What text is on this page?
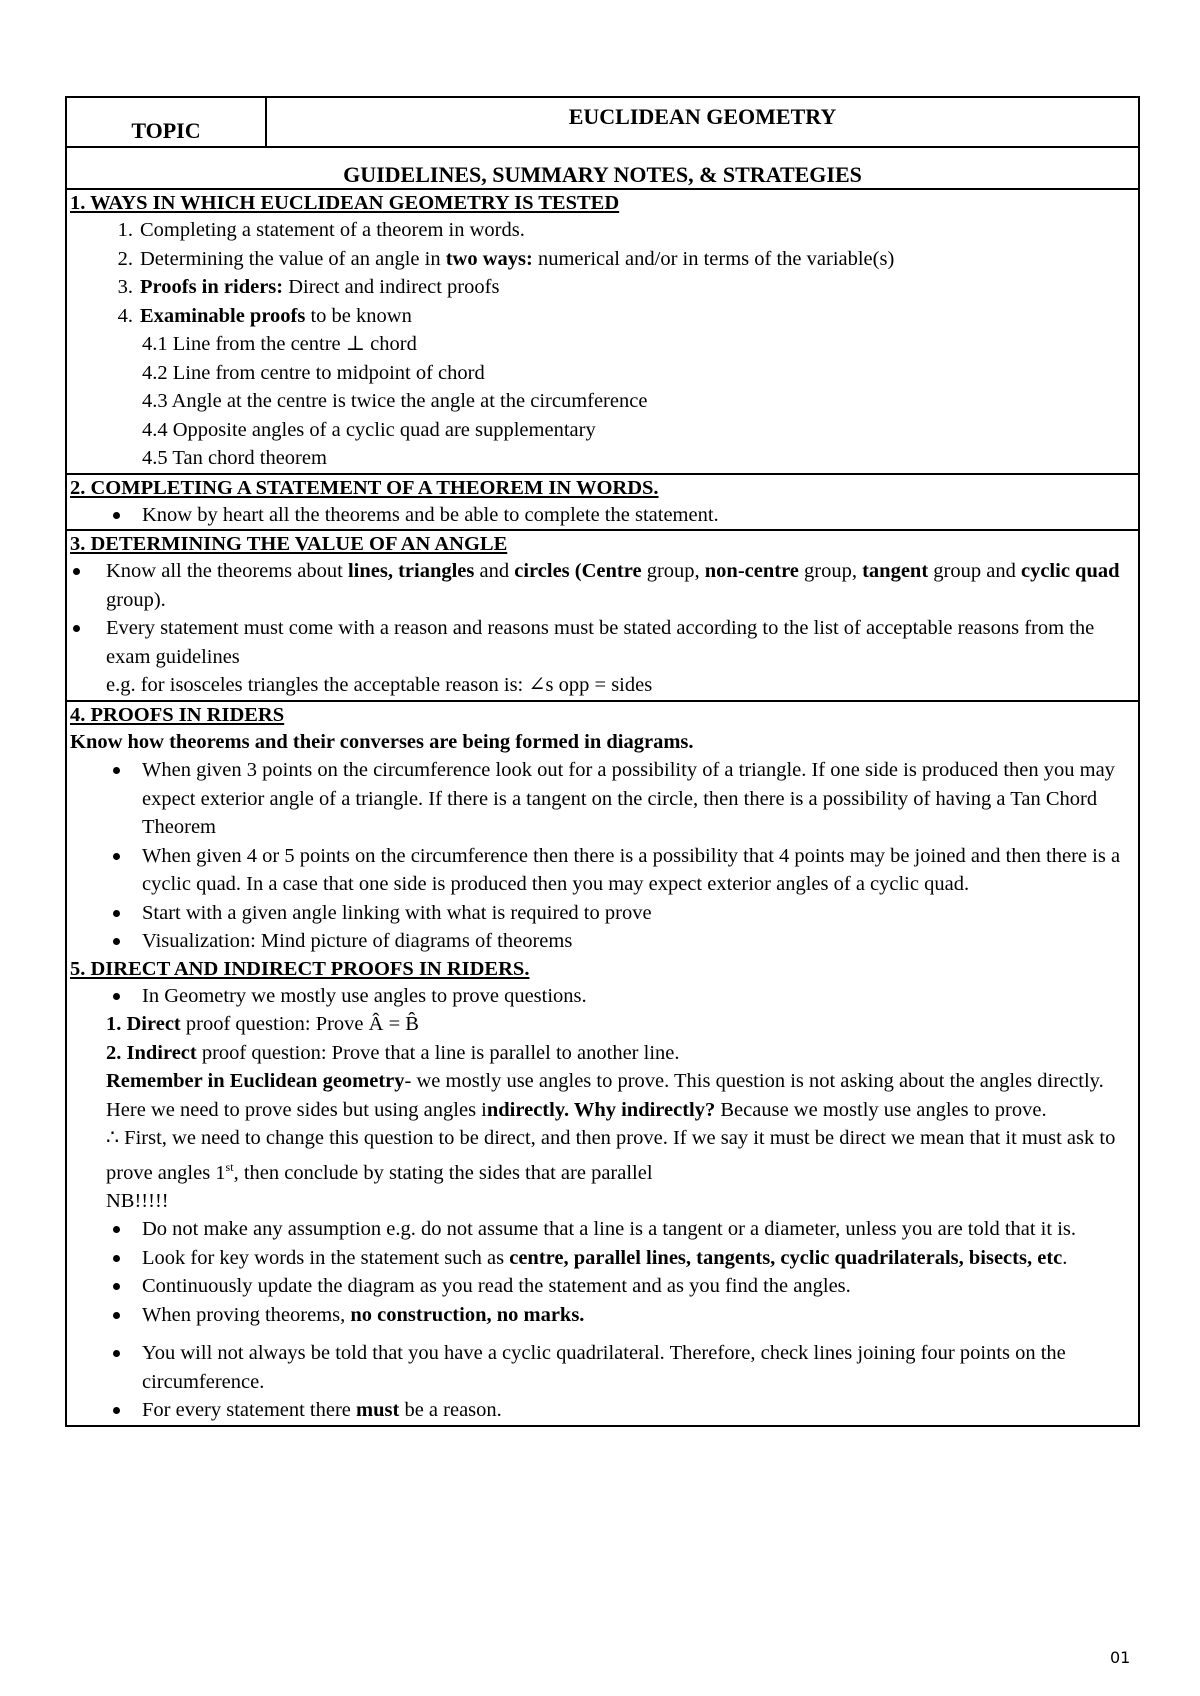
TOPIC
EUCLIDEAN GEOMETRY
GUIDELINES, SUMMARY NOTES, & STRATEGIES
1. WAYS IN WHICH EUCLIDEAN GEOMETRY IS TESTED
1. Completing a statement of a theorem in words.
2. Determining the value of an angle in two ways: numerical and/or in terms of the variable(s)
3. Proofs in riders: Direct and indirect proofs
4. Examinable proofs to be known
4.1 Line from the centre ⊥ chord
4.2 Line from centre to midpoint of chord
4.3 Angle at the centre is twice the angle at the circumference
4.4 Opposite angles of a cyclic quad are supplementary
4.5 Tan chord theorem
2. COMPLETING A STATEMENT OF A THEOREM IN WORDS.
Know by heart all the theorems and be able to complete the statement.
3. DETERMINING THE VALUE OF AN ANGLE
Know all the theorems about lines, triangles and circles (Centre group, non-centre group, tangent group and cyclic quad group).
Every statement must come with a reason and reasons must be stated according to the list of acceptable reasons from the exam guidelines
e.g. for isosceles triangles the acceptable reason is: ∠s opp = sides
4. PROOFS IN RIDERS
Know how theorems and their converses are being formed in diagrams.
When given 3 points on the circumference look out for a possibility of a triangle. If one side is produced then you may expect exterior angle of a triangle. If there is a tangent on the circle, then there is a possibility of having a Tan Chord Theorem
When given 4 or 5 points on the circumference then there is a possibility that 4 points may be joined and then there is a cyclic quad. In a case that one side is produced then you may expect exterior angles of a cyclic quad.
Start with a given angle linking with what is required to prove
Visualization: Mind picture of diagrams of theorems
5. DIRECT AND INDIRECT PROOFS IN RIDERS.
In Geometry we mostly use angles to prove questions.
1. Direct proof question: Prove Â = B̂
2. Indirect proof question: Prove that a line is parallel to another line.
Remember in Euclidean geometry- we mostly use angles to prove. This question is not asking about the angles directly. Here we need to prove sides but using angles indirectly. Why indirectly? Because we mostly use angles to prove.
∴ First, we need to change this question to be direct, and then prove. If we say it must be direct we mean that it must ask to prove angles 1st, then conclude by stating the sides that are parallel
NB!!!!!
Do not make any assumption e.g. do not assume that a line is a tangent or a diameter, unless you are told that it is.
Look for key words in the statement such as centre, parallel lines, tangents, cyclic quadrilaterals, bisects, etc.
Continuously update the diagram as you read the statement and as you find the angles.
When proving theorems, no construction, no marks.
You will not always be told that you have a cyclic quadrilateral. Therefore, check lines joining four points on the circumference.
For every statement there must be a reason.
01
